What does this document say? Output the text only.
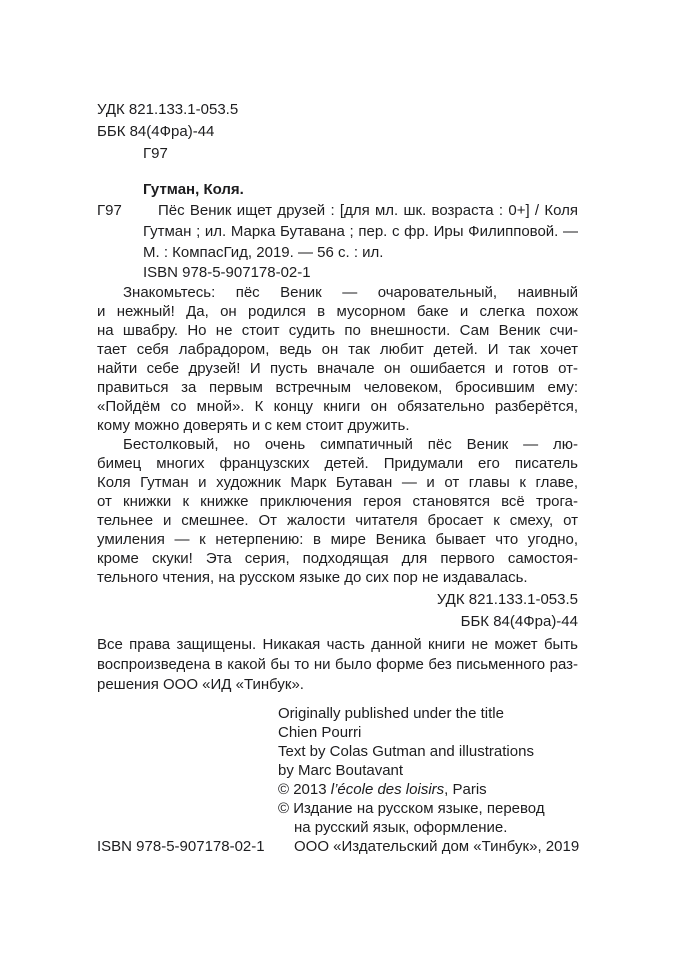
УДК 821.133.1-053.5
ББК 84(4Фра)-44
Г97
Гутман, Коля.
Г97	Пёс Веник ищет друзей : [для мл. шк. возраста : 0+] / Коля
Гутман ; ил. Марка Бутавана ; пер. с фр. Иры Филипповой. —
М. : КомпасГид, 2019. — 56 с. : ил.
ISBN 978-5-907178-02-1
Знакомьтесь: пёс Веник — очаровательный, наивный
и нежный! Да, он родился в мусорном баке и слегка похож
на швабру. Но не стоит судить по внешности. Сам Веник счи-
тает себя лабрадором, ведь он так любит детей. И так хочет
найти себе друзей! И пусть вначале он ошибается и готов от-
правиться за первым встречным человеком, бросившим ему:
«Пойдём со мной». К концу книги он обязательно разберётся,
кому можно доверять и с кем стоит дружить.
Бестолковый, но очень симпатичный пёс Веник — лю-
бимец многих французских детей. Придумали его писатель
Коля Гутман и художник Марк Бутаван — и от главы к главе,
от книжки к книжке приключения героя становятся всё трога-
тельнее и смешнее. От жалости читателя бросает к смеху, от
умиления — к нетерпению: в мире Веника бывает что угодно,
кроме скуки! Эта серия, подходящая для первого самостоя-
тельного чтения, на русском языке до сих пор не издавалась.
УДК 821.133.1-053.5
ББК 84(4Фра)-44
Все права защищены. Никакая часть данной книги не может быть
воспроизведена в какой бы то ни было форме без письменного раз-
решения ООО «ИД «Тинбук».
ISBN 978-5-907178-02-1
Originally published under the title
Chien Pourri
Text by Colas Gutman and illustrations
by Marc Boutavant
© 2013 l’école des loisirs, Paris
© Издание на русском языке, перевод
на русский язык, оформление.
ООО «Издательский дом «Тинбук», 2019
